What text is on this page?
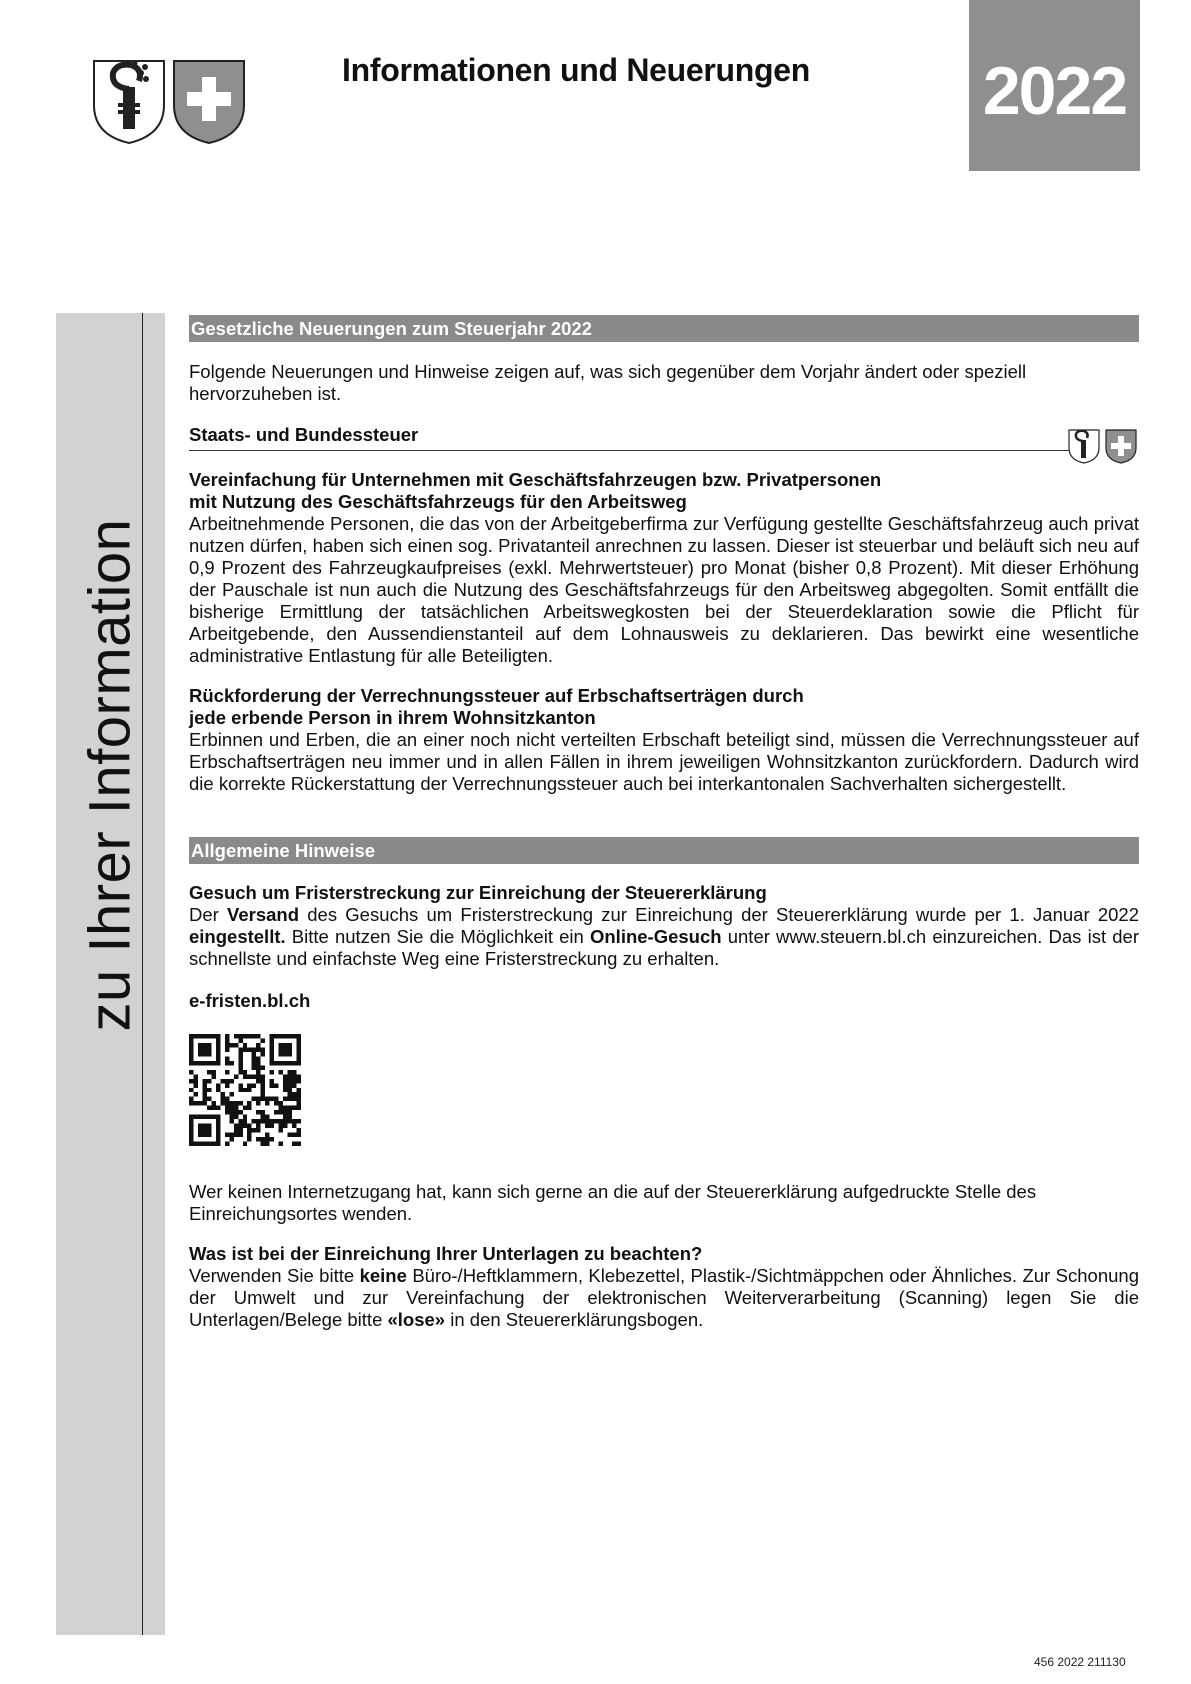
Informationen und Neuerungen	2022
zu Ihrer Information
Gesetzliche Neuerungen zum Steuerjahr 2022

Folgende Neuerungen und Hinweise zeigen auf, was sich gegenüber dem Vorjahr ändert oder speziell hervorzuheben ist.

Staats- und Bundessteuer

Vereinfachung für Unternehmen mit Geschäftsfahrzeugen bzw. Privatpersonen

mit Nutzung des Geschäftsfahrzeugs für den Arbeitsweg

Arbeitnehmende Personen, die das von der Arbeitgeberfirma zur Verfügung gestellte Geschäftsfahrzeug auch privat nutzen dürfen, haben sich einen sog. Privatanteil anrechnen zu lassen. Dieser ist steuerbar und beläuft sich neu auf 0,9 Prozent des Fahrzeugkaufpreises (exkl. Mehrwertsteuer) pro Monat (bisher 0,8 Prozent). Mit dieser Erhöhung der Pauschale ist nun auch die Nutzung des Geschäftsfahrzeugs für den Arbeitsweg abgegolten. Somit entfällt die bisherige Ermittlung der tatsächlichen Arbeitswegkosten bei der Steuerdeklaration sowie die Pflicht für Arbeitgebende, den Aussendienstanteil auf dem Lohnausweis zu deklarieren. Das bewirkt eine wesentliche administrative Entlastung für alle Beteiligten.

Rückforderung der Verrechnungssteuer auf Erbschaftserträgen durch

jede erbende Person in ihrem Wohnsitzkanton

Erbinnen und Erben, die an einer noch nicht verteilten Erbschaft beteiligt sind, müssen die Verrechnungssteuer auf Erbschaftserträgen neu immer und in allen Fällen in ihrem jeweiligen Wohnsitzkanton zurückfordern. Dadurch wird die korrekte Rückerstattung der Verrechnungssteuer auch bei interkantonalen Sachverhalten sichergestellt.

Allgemeine Hinweise

Gesuch um Fristerstreckung zur Einreichung der Steuererklärung

Der Versand des Gesuchs um Fristerstreckung zur Einreichung der Steuererklärung wurde per 1. Januar 2022 eingestellt. Bitte nutzen Sie die Möglichkeit ein Online-Gesuch unter www.steuern.bl.ch einzureichen. Das ist der schnellste und einfachste Weg eine Fristerstreckung zu erhalten.

e-fristen.bl.ch

Wer keinen Internetzugang hat, kann sich gerne an die auf der Steuererklärung aufgedruckte Stelle des Einreichungsortes wenden.

Was ist bei der Einreichung Ihrer Unterlagen zu beachten?

Verwenden Sie bitte keine Büro-/Heftklammern, Klebezettel, Plastik-/Sichtmäppchen oder Ähnliches. Zur Schonung der Umwelt und zur Vereinfachung der elektronischen Weiterverarbeitung (Scanning) legen Sie die Unterlagen/Belege bitte «lose» in den Steuererklärungsbogen.

456 2022 211130
